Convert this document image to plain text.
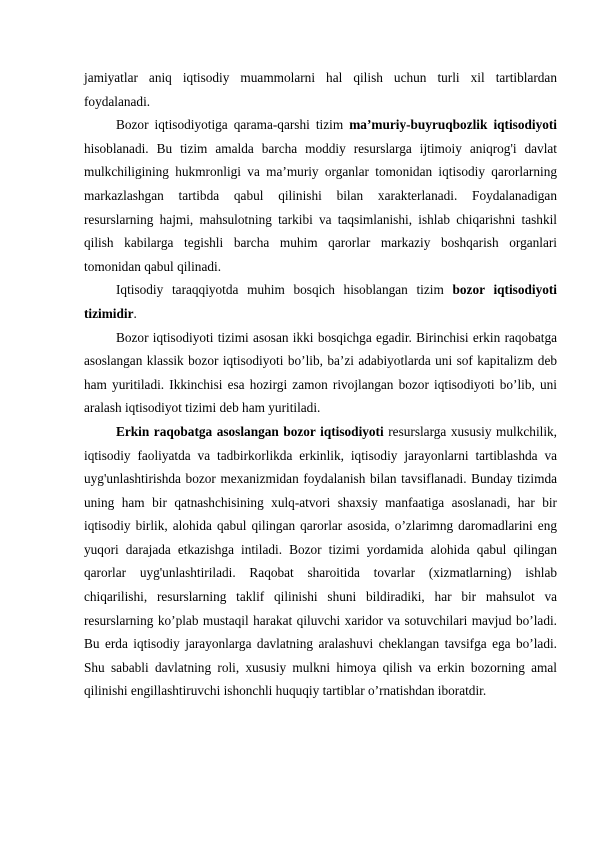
jamiyatlar aniq iqtisodiy muammolarni hal qilish uchun turli xil tartiblardan foydalanadi.

Bozor iqtisodiyotiga qarama-qarshi tizim ma’muriy-buyruqbozlik iqtisodiyoti hisoblanadi. Bu tizim amalda barcha moddiy resurslarga ijtimoiy aniqrog'i davlat mulkchiligining hukmronligi va ma’muriy organlar tomonidan iqtisodiy qarorlarning markazlashgan tartibda qabul qilinishi bilan xarakterlanadi. Foydalanadigan resurslarning hajmi, mahsulotning tarkibi va taqsimlanishi, ishlab chiqarishni tashkil qilish kabilarga tegishli barcha muhim qarorlar markaziy boshqarish organlari tomonidan qabul qilinadi.

Iqtisodiy taraqqiyotda muhim bosqich hisoblangan tizim bozor iqtisodiyoti tizimidir.

Bozor iqtisodiyoti tizimi asosan ikki bosqichga egadir. Birinchisi erkin raqobatga asoslangan klassik bozor iqtisodiyoti bo’lib, ba’zi adabiyotlarda uni sof kapitalizm deb ham yuritiladi. Ikkinchisi esa hozirgi zamon rivojlangan bozor iqtisodiyoti bo’lib, uni aralash iqtisodiyot tizimi deb ham yuritiladi.

Erkin raqobatga asoslangan bozor iqtisodiyoti resurslarga xususiy mulkchilik, iqtisodiy faoliyatda va tadbirkorlikda erkinlik, iqtisodiy jarayonlarni tartiblashda va uyg'unlashtirishda bozor mexanizmidan foydalanish bilan tavsiflanadi. Bunday tizimda uning ham bir qatnashchisining xulq-atvori shaxsiy manfaatiga asoslanadi, har bir iqtisodiy birlik, alohida qabul qilingan qarorlar asosida, o’zlarimng daromadlarini eng yuqori darajada etkazishga intiladi. Bozor tizimi yordamida alohida qabul qilingan qarorlar uyg'unlashtiriladi. Raqobat sharoitida tovarlar (xizmatlarning) ishlab chiqarilishi, resurslarning taklif qilinishi shuni bildiradiki, har bir mahsulot va resurslarning ko’plab mustaqil harakat qiluvchi xaridor va sotuvchilari mavjud bo’ladi. Bu erda iqtisodiy jarayonlarga davlatning aralashuvi cheklangan tavsifga ega bo’ladi. Shu sababli davlatning roli, xususiy mulkni himoya qilish va erkin bozorning amal qilinishi engillashtiruvchi ishonchli huquqiy tartiblar o’rnatishdan iboratdir.
